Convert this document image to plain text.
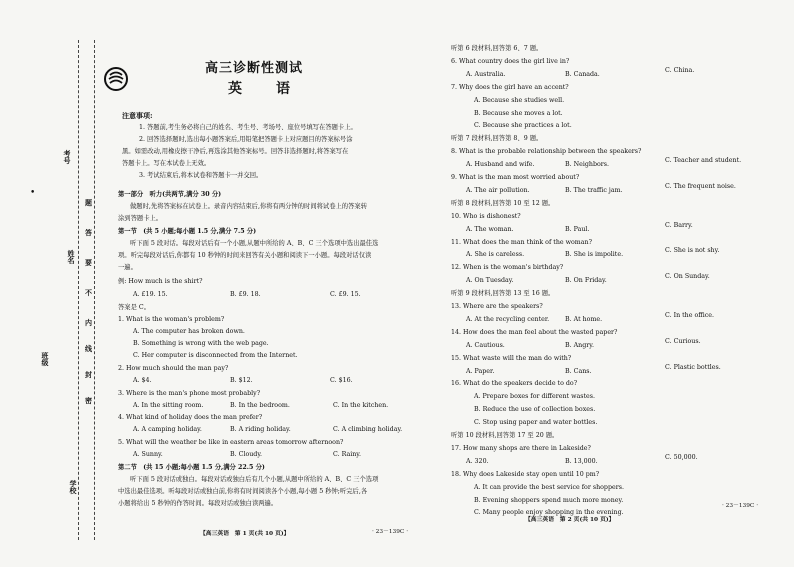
考号
姓名
班级
学校
题
答
要
不
内
线
封
密
高三诊断性测试
英　语
注意事项:
1. 答题前,考生务必将自己的姓名、考生号、考场号、座位号填写在答题卡上。
2. 回答选择题时,选出每小题答案后,用铅笔把答题卡上对应题目的答案标号涂
黑。如需改动,用橡皮擦干净后,再选涂其他答案标号。回答非选择题时,将答案写在
答题卡上。写在本试卷上无效。
3. 考试结束后,将本试卷和答题卡一并交回。
第一部分　听力(共两节,满分 30 分)
做题时,先将答案标在试卷上。录音内容结束后,你将有两分钟的时间将试卷上的答案转
涂到答题卡上。
第一节　(共 5 小题;每小题 1.5 分,满分 7.5 分)
听下面 5 段对话。每段对话后有一个小题,从题中所给的 A、B、C 三个选项中选出最佳选
项。听完每段对话后,你都有 10 秒钟的时间来回答有关小题和阅读下一小题。每段对话仅读
一遍。
例: How much is the shirt?
A. £19. 15.	B. £9. 18.	C. £9. 15.
答案是 C。
1. What is the woman's problem?
A. The computer has broken down.
B. Something is wrong with the web page.
C. Her computer is disconnected from the Internet.
2. How much should the man pay?
A. $4.	B. $12.	C. $16.
3. Where is the man's phone most probably?
A. In the sitting room.	B. In the bedroom.	C. In the kitchen.
4. What kind of holiday does the man prefer?
A. A camping holiday.	B. A riding holiday.	C. A climbing holiday.
5. What will the weather be like in eastern areas tomorrow afternoon?
A. Sunny.	B. Cloudy.	C. Rainy.
第二节　(共 15 小题;每小题 1.5 分,满分 22.5 分)
听下面 5 段对话或独白。每段对话或独白后有几个小题,从题中所给的 A、B、C 三个选项
中选出最佳选项。听每段对话或独白前,你将有时间阅读各个小题,每小题 5 秒钟;听完后,各
小题将给出 5 秒钟的作答时间。每段对话或独白读两遍。
听第 6 段材料,回答第 6、7 题。
6. What country does the girl live in?
A. Australia.	B. Canada.
C. China.
7. Why does the girl have an accent?
A. Because she studies well.
B. Because she moves a lot.
C. Because she practices a lot.
听第 7 段材料,回答第 8、9 题。
8. What is the probable relationship between the speakers?
A. Husband and wife.	B. Neighbors.
C. Teacher and student.
9. What is the man most worried about?
A. The air pollution.	B. The traffic jam.
C. The frequent noise.
听第 8 段材料,回答第 10 至 12 题。
10. Who is dishonest?
A. The woman.	B. Paul.
C. Barry.
11. What does the man think of the woman?
A. She is careless.	B. She is impolite.
C. She is not shy.
12. When is the woman's birthday?
A. On Tuesday.	B. On Friday.
C. On Sunday.
听第 9 段材料,回答第 13 至 16 题。
13. Where are the speakers?
A. At the recycling center.	B. At home.
C. In the office.
14. How does the man feel about the wasted paper?
A. Cautious.	B. Angry.
C. Curious.
15. What waste will the man do with?
A. Paper.	B. Cans.
C. Plastic bottles.
16. What do the speakers decide to do?
A. Prepare boxes for different wastes.
B. Reduce the use of collection boxes.
C. Stop using paper and water bottles.
听第 10 段材料,回答第 17 至 20 题。
17. How many shops are there in Lakeside?
A. 320.	B. 13,000.
C. 50,000.
18. Why does Lakeside stay open until 10 pm?
A. It can provide the best service for shoppers.
B. Evening shoppers spend much more money.
C. Many people enjoy shopping in the evening.
【高三英语　第 1 页(共 10 页)】	· 23－139C ·
【高三英语　第 2 页(共 10 页)】
· 23－139C ·
•
